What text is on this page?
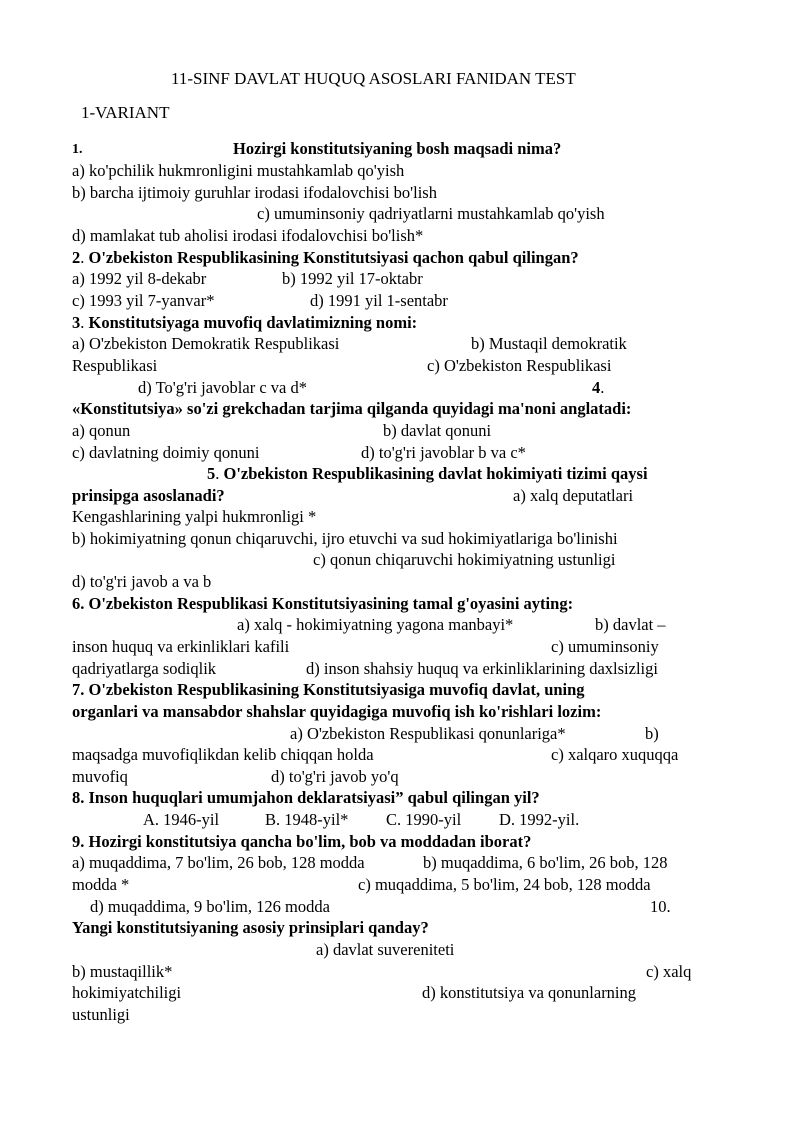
11-SINF DAVLAT HUQUQ ASOSLARI FANIDAN TEST
1-VARIANT
1.	Hozirgi konstitutsiyaning bosh maqsadi nima?
a) ko'pchilik hukmronligini mustahkamlab qo'yish
b) barcha ijtimoiy guruhlar irodasi ifodalovchisi bo'lish
c) umuminsoniy qadriyatlarni mustahkamlab qo'yish
d) mamlakat tub aholisi irodasi ifodalovchisi bo'lish*
2. O'zbekiston Respublikasining Konstitutsiyasi qachon qabul qilingan?
a) 1992 yil 8-dekabr	b) 1992 yil 17-oktabr
c) 1993 yil 7-yanvar*	d) 1991 yil 1-sentabr
3. Konstitutsiyaga muvofiq davlatimizning nomi:
a) O'zbekiston Demokratik Respublikasi	b) Mustaqil demokratik
Respublikasi	c) O'zbekiston Respublikasi
d) To'g'ri javoblar c va d*	4.
«Konstitutsiya» so'zi grekchadan tarjima qilganda quyidagi ma'noni anglatadi:
a) qonun	b) davlat qonuni
c) davlatning doimiy qonuni	d) to'g'ri javoblar b va c*
5. O'zbekiston Respublikasining davlat hokimiyati tizimi qaysi
prinsipga asoslanadi?	a) xalq deputatlari
Kengashlarining yalpi hukmronligi *
b) hokimiyatning qonun chiqaruvchi, ijro etuvchi va sud hokimiyatlariga bo'linishi
c) qonun chiqaruvchi hokimiyatning ustunligi
d) to'g'ri javob a va b
6. O'zbekiston Respublikasi Konstitutsiyasining tamal g'oyasini ayting:
a) xalq - hokimiyatning yagona manbayi*	b) davlat –
inson huquq va erkinliklari kafili	c) umuminsoniy
qadriyatlarga sodiqlik	d) inson shahsiy huquq va erkinliklarining daxlsizligi
7. O'zbekiston Respublikasining Konstitutsiyasiga muvofiq davlat, uning
organlari va mansabdor shahslar quyidagiga muvofiq ish ko'rishlari lozim:
a) O'zbekiston Respublikasi qonunlariga*	b)
maqsadga muvofiqlikdan kelib chiqqan holda	c) xalqaro xuquqqa
muvofiq	d) to'g'ri javob yo'q
8. Inson huquqlari umumjahon deklaratsiyasi” qabul qilingan yil?
A. 1946-yil	B. 1948-yil* C. 1990-yil D. 1992-yil.
9. Hozirgi konstitutsiya qancha bo'lim, bob va moddadan iborat?
a) muqaddima, 7 bo'lim, 26 bob, 128 modda	b) muqaddima, 6 bo'lim, 26 bob, 128
modda *	c) muqaddima, 5 bo'lim, 24 bob, 128 modda
d) muqaddima, 9 bo'lim, 126 modda	10.
Yangi konstitutsiyaning asosiy prinsiplari qanday?
a) davlat suvereniteti
b) mustaqillik*	c) xalq
hokimiyatchiligi	d) konstitutsiya va qonunlarning
ustunligi
